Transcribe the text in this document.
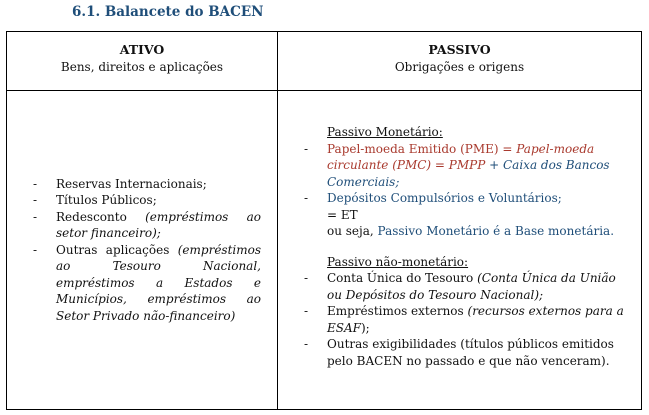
6.1. Balancete do BACEN
ATIVO
Bens, direitos e aplicações
PASSIVO
Obrigações e origens
- Reservas Internacionais;
- Títulos Públicos;
- Redesconto (empréstimos ao setor financeiro);
- Outras aplicações (empréstimos ao Tesouro Nacional, empréstimos a Estados e Municípios, empréstimos ao Setor Privado não-financeiro)
Passivo Monetário:
- Papel-moeda Emitido (PME) = Papel-moeda circulante (PMC) = PMPP + Caixa dos Bancos Comerciais;
- Depósitos Compulsórios e Voluntários;
= ET
ou seja, Passivo Monetário é a Base monetária.
Passivo não-monetário:
- Conta Única do Tesouro (Conta Única da União ou Depósitos do Tesouro Nacional);
- Empréstimos externos (recursos externos para a ESAF);
- Outras exigibilidades (títulos públicos emitidos pelo BACEN no passado e que não venceram).
